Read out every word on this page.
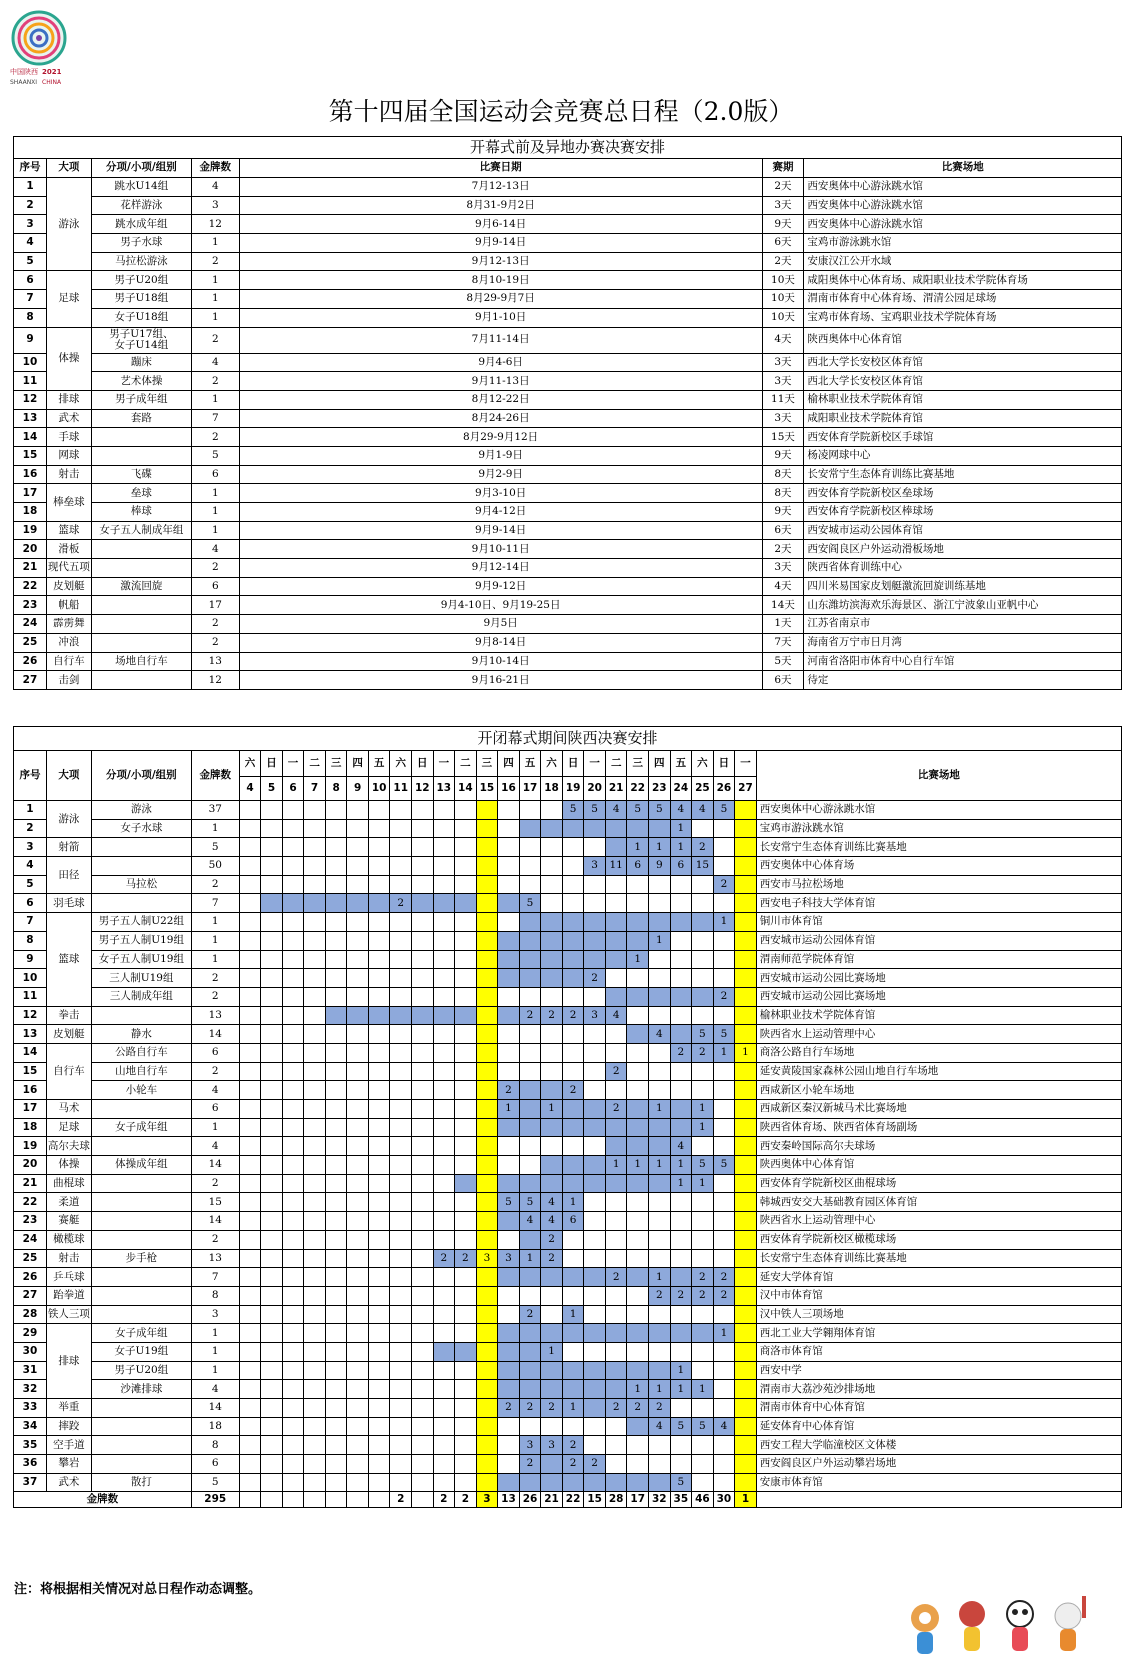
中国陕西 2021
SHAANXI CHINA
第十四届全国运动会竞赛总日程（2.0版）
开幕式前及异地办赛决赛安排						
序号	大项	分项/小项/组别	金牌数	比赛日期	赛期	比赛场地
1	游泳	跳水U14组	4	7月12-13日	2天	西安奥体中心游泳跳水馆
2		花样游泳	3	8月31-9月2日	3天	西安奥体中心游泳跳水馆
3		跳水成年组	12	9月6-14日	9天	西安奥体中心游泳跳水馆
4		男子水球	1	9月9-14日	6天	宝鸡市游泳跳水馆
5		马拉松游泳	2	9月12-13日	2天	安康汉江公开水域
6	足球	男子U20组	1	8月10-19日	10天	咸阳奥体中心体育场、咸阳职业技术学院体育场
7		男子U18组	1	8月29-9月7日	10天	渭南市体育中心体育场、渭清公园足球场
8		女子U18组	1	9月1-10日	10天	宝鸡市体育场、宝鸡职业技术学院体育场
9	体操	男子U17组、
女子U14组	2	7月11-14日	4天	陕西奥体中心体育馆
10		蹦床	4	9月4-6日	3天	西北大学长安校区体育馆
11		艺术体操	2	9月11-13日	3天	西北大学长安校区体育馆
12	排球	男子成年组	1	8月12-22日	11天	榆林职业技术学院体育馆
13	武术	套路	7	8月24-26日	3天	咸阳职业技术学院体育馆
14	手球		2	8月29-9月12日	15天	西安体育学院新校区手球馆
15	网球		5	9月1-9日	9天	杨凌网球中心
16	射击	飞碟	6	9月2-9日	8天	长安常宁生态体育训练比赛基地
17	棒垒球	垒球	1	9月3-10日	8天	西安体育学院新校区垒球场
18		棒球	1	9月4-12日	9天	西安体育学院新校区棒球场
19	篮球	女子五人制成年组	1	9月9-14日	6天	西安城市运动公园体育馆
20	滑板		4	9月10-11日	2天	西安阎良区户外运动滑板场地
21	现代五项		2	9月12-14日	3天	陕西省体育训练中心
22	皮划艇	激流回旋	6	9月9-12日	4天	四川米易国家皮划艇激流回旋训练基地
23	帆船		17	9月4-10日、9月19-25日	14天	山东潍坊滨海欢乐海景区、浙江宁波象山亚帆中心
24	霹雳舞		2	9月5日	1天	江苏省南京市
25	冲浪		2	9月8-14日	7天	海南省万宁市日月湾
26	自行车	场地自行车	13	9月10-14日	5天	河南省洛阳市体育中心自行车馆
27	击剑		12	9月16-21日	6天	待定
开闭幕式期间陕西决赛安排																												
序号	大项	分项/小项/组别	金牌数	六	日	一	二	三	四	五	六	日	一	二	三	四	五	六	日	一	二	三	四	五	六	日	一	比赛场地
				4	5	6	7	8	9	10	11	12	13	14	15	16	17	18	19	20	21	22	23	24	25	26	27	
1	游泳	游泳	37																5	5	4	5	5	4	4	5		西安奥体中心游泳跳水馆
2		女子水球	1																					1				宝鸡市游泳跳水馆
3	射箭		5																			1	1	1	2			长安常宁生态体育训练比赛基地
4	田径		50																	3	11	6	9	6	15			西安奥体中心体育场
5		马拉松	2																							2		西安市马拉松场地
6	羽毛球		7								2						5											西安电子科技大学体育馆
7	篮球	男子五人制U22组	1																							1		铜川市体育馆
8		男子五人制U19组	1																				1					西安城市运动公园体育馆
9		女子五人制U19组	1																			1						渭南师范学院体育馆
10		三人制U19组	2																	2								西安城市运动公园比赛场地
11		三人制成年组	2																							2		西安城市运动公园比赛场地
12	拳击		13														2	2	2	3	4							榆林职业技术学院体育馆
13	皮划艇	静水	14																				4		5	5		陕西省水上运动管理中心
14	自行车	公路自行车	6																					2	2	1	1	商洛公路自行车场地
15		山地自行车	2																		2							延安黄陵国家森林公园山地自行车场地
16		小轮车	4													2			2									西咸新区小轮车场地
17	马术		6													1		1			2		1		1			西咸新区秦汉新城马术比赛场地
18	足球	女子成年组	1																						1			陕西省体育场、陕西省体育场副场
19	高尔夫球		4																					4				西安秦岭国际高尔夫球场
20	体操	体操成年组	14																		1	1	1	1	5	5		陕西奥体中心体育馆
21	曲棍球		2																					1	1			西安体育学院新校区曲棍球场
22	柔道		15													5	5	4	1									韩城西安交大基础教育园区体育馆
23	赛艇		14														4	4	6									陕西省水上运动管理中心
24	橄榄球		2															2										西安体育学院新校区橄榄球场
25	射击	步手枪	13										2	2	3	3	1	2										长安常宁生态体育训练比赛基地
26	乒乓球		7																		2		1		2	2		延安大学体育馆
27	跆拳道		8																				2	2	2	2		汉中市体育馆
28	铁人三项		3														2		1									汉中铁人三项场地
29	排球	女子成年组	1																							1		西北工业大学翱翔体育馆
30		女子U19组	1															1										商洛市体育馆
31		男子U20组	1																					1				西安中学
32		沙滩排球	4																			1	1	1	1			渭南市大荔沙苑沙排场地
33	举重		14													2	2	2	1		2	2	2					渭南市体育中心体育馆
34	摔跤		18																				4	5	5	4		延安体育中心体育馆
35	空手道		8														3	3	2									西安工程大学临潼校区文体楼
36	攀岩		6														2		2	2								西安阎良区户外运动攀岩场地
37	武术	散打	5																					5				安康市体育馆
金牌数			295								2		2	2	3	13	26	21	22	15	28	17	32	35	46	30	1	
注：将根据相关情况对总日程作动态调整。
